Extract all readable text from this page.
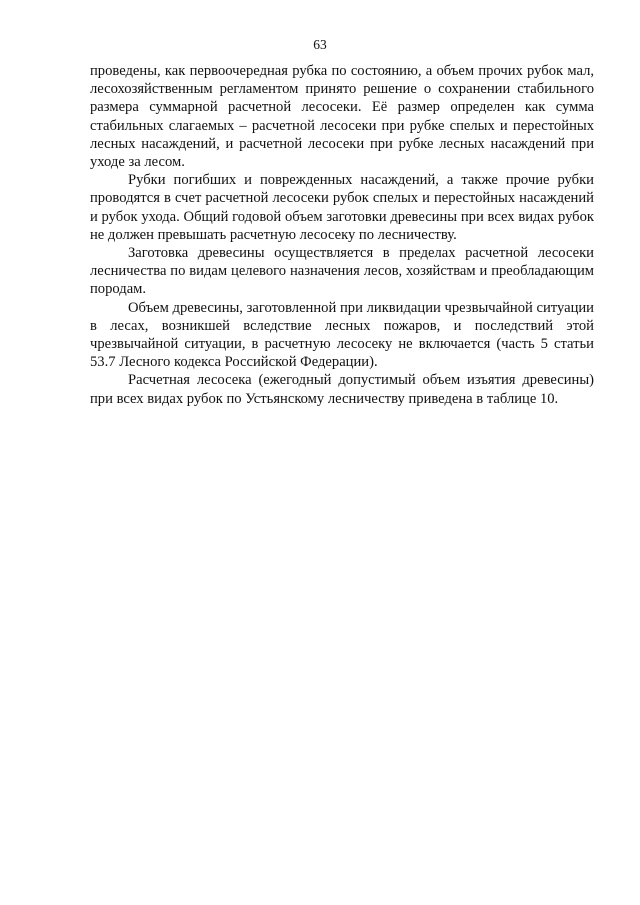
63

проведены, как первоочередная рубка по состоянию, а объем прочих рубок мал, лесохозяйственным регламентом принято решение о сохранении стабильного размера суммарной расчетной лесосеки. Её размер определен как сумма стабильных слагаемых – расчетной лесосеки при рубке спелых и перестойных лесных насаждений, и расчетной лесосеки при рубке лесных насаждений при уходе за лесом.

Рубки погибших и поврежденных насаждений, а также прочие рубки проводятся в счет расчетной лесосеки рубок спелых и перестойных насаждений и рубок ухода. Общий годовой объем заготовки древесины при всех видах рубок не должен превышать расчетную лесосеку по лесничеству.

Заготовка древесины осуществляется в пределах расчетной лесосеки лесничества по видам целевого назначения лесов, хозяйствам и преобладающим породам.

Объем древесины, заготовленной при ликвидации чрезвычайной ситуации в лесах, возникшей вследствие лесных пожаров, и последствий этой чрезвычайной ситуации, в расчетную лесосеку не включается (часть 5 статьи 53.7 Лесного кодекса Российской Федерации).

Расчетная лесосека (ежегодный допустимый объем изъятия древесины) при всех видах рубок по Устьянскому лесничеству приведена в таблице 10.
